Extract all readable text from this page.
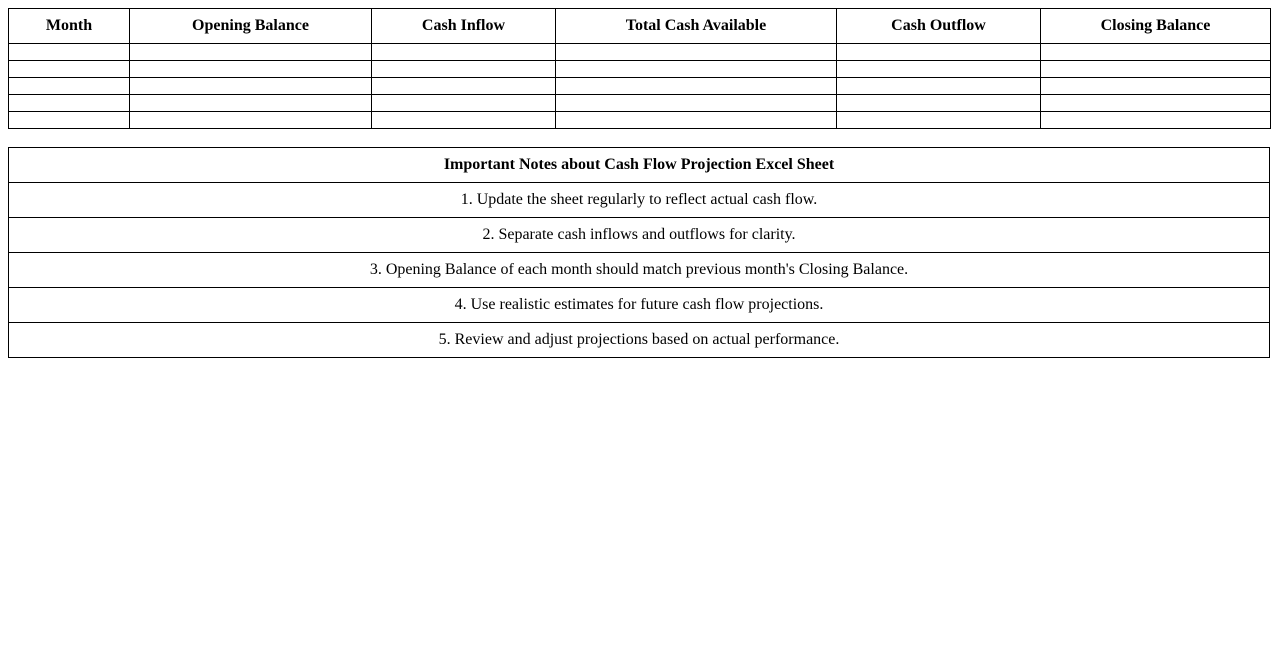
Month	Opening Balance	Cash Inflow	Total Cash Available	Cash Outflow	Closing Balance

Important Notes about Cash Flow Projection Excel Sheet
1. Update the sheet regularly to reflect actual cash flow.
2. Separate cash inflows and outflows for clarity.
3. Opening Balance of each month should match previous month's Closing Balance.
4. Use realistic estimates for future cash flow projections.
5. Review and adjust projections based on actual performance.
